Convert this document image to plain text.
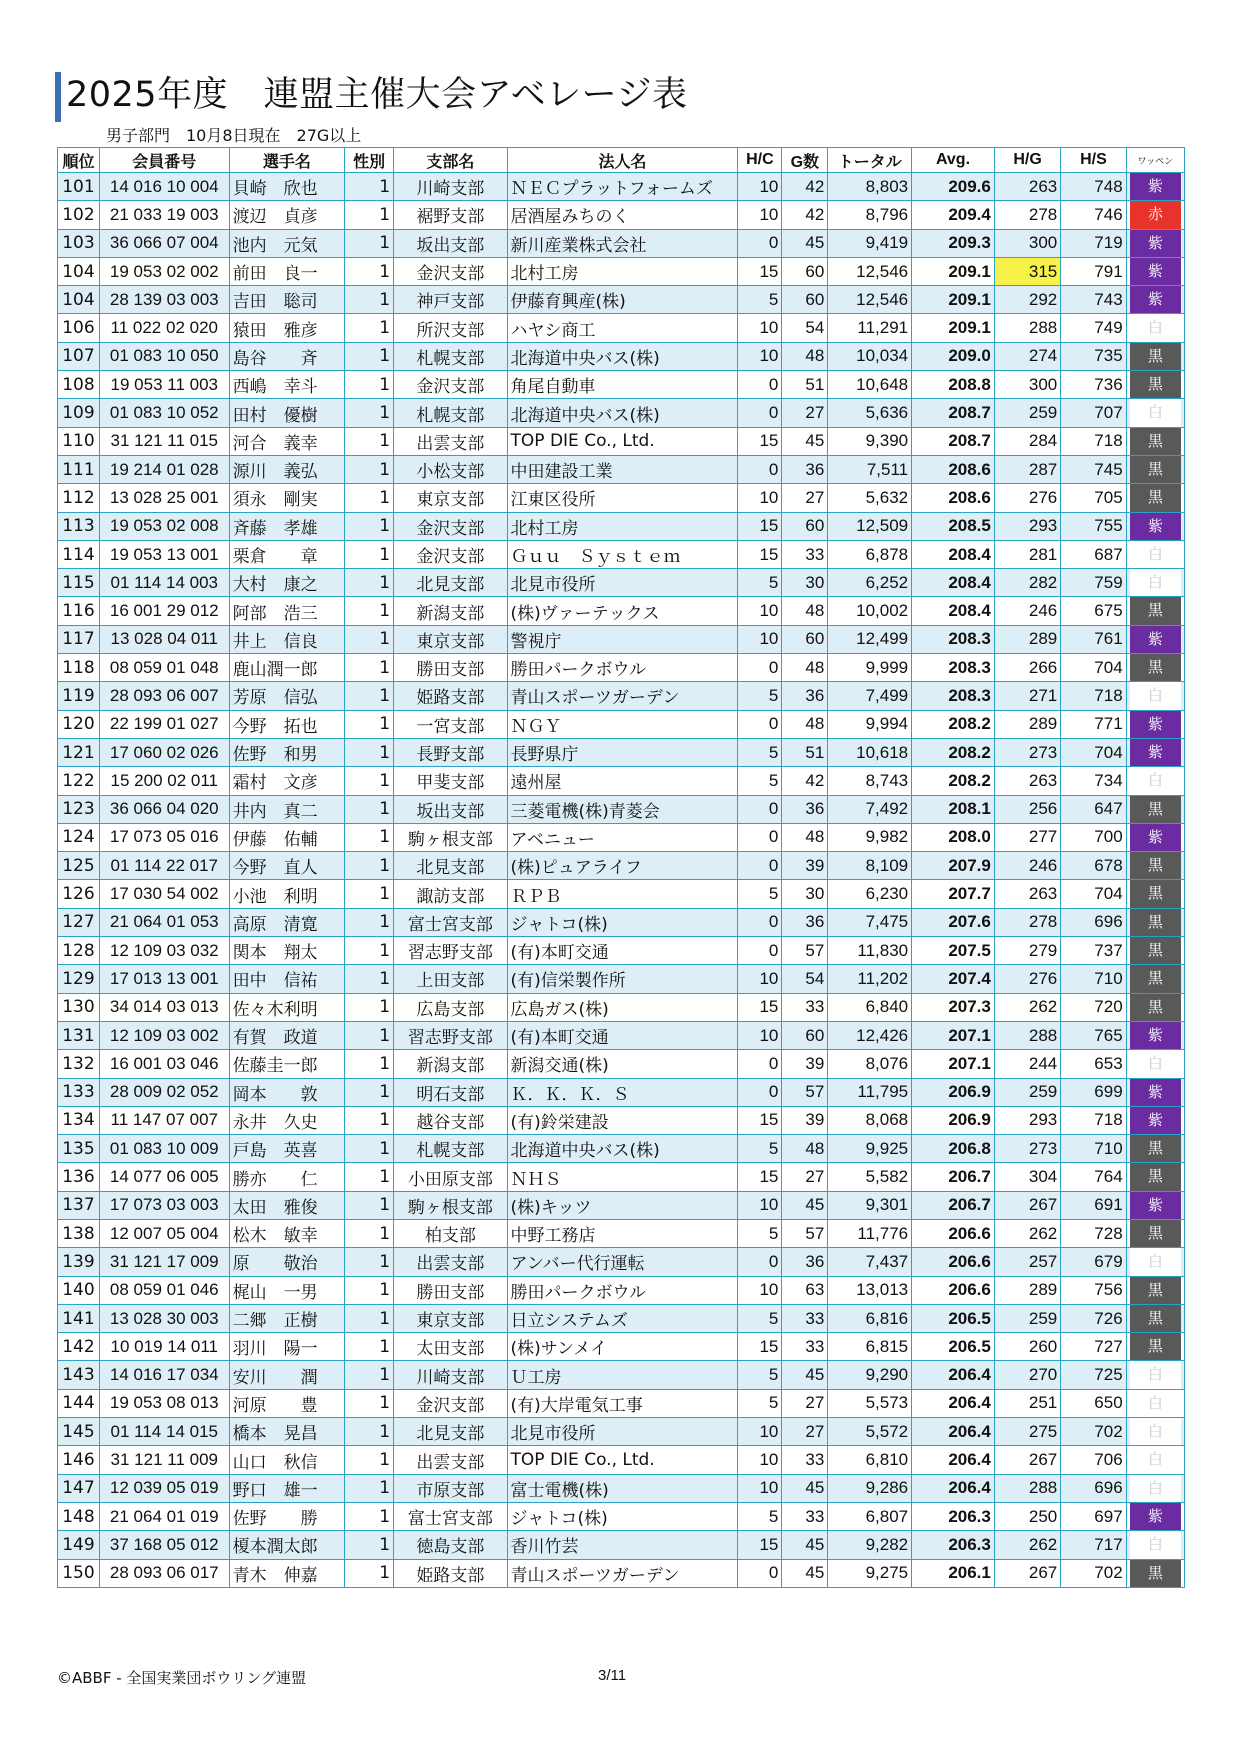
2025年度　連盟主催大会アベレージ表
男子部門　10月8日現在　27G以上
順位	会員番号	選手名	性別	支部名	法人名	H/C	G数	トータル	Avg.	H/G	H/S	ワッペン
101	14 016 10 004	貝崎　欣也	1	川崎支部	ＮＥＣプラットフォームズ	10	42	8,803	209.6	263	748	紫

102	21 033 19 003	渡辺　貞彦	1	裾野支部	居酒屋みちのく	10	42	8,796	209.4	278	746	赤

103	36 066 07 004	池内　元気	1	坂出支部	新川産業株式会社	0	45	9,419	209.3	300	719	紫

104	19 053 02 002	前田　良一	1	金沢支部	北村工房	15	60	12,546	209.1	315	791	紫

104	28 139 03 003	吉田　聡司	1	神戸支部	伊藤育興産(株)	5	60	12,546	209.1	292	743	紫

106	11 022 02 020	猿田　雅彦	1	所沢支部	ハヤシ商工	10	54	11,291	209.1	288	749	白

107	01 083 10 050	島谷　　斉	1	札幌支部	北海道中央バス(株)	10	48	10,034	209.0	274	735	黒

108	19 053 11 003	西嶋　幸斗	1	金沢支部	角尾自動車	0	51	10,648	208.8	300	736	黒

109	01 083 10 052	田村　優樹	1	札幌支部	北海道中央バス(株)	0	27	5,636	208.7	259	707	白

110	31 121 11 015	河合　義幸	1	出雲支部	TOP DIE Co., Ltd.	15	45	9,390	208.7	284	718	黒

111	19 214 01 028	源川　義弘	1	小松支部	中田建設工業	0	36	7,511	208.6	287	745	黒

112	13 028 25 001	須永　剛実	1	東京支部	江東区役所	10	27	5,632	208.6	276	705	黒

113	19 053 02 008	斉藤　孝雄	1	金沢支部	北村工房	15	60	12,509	208.5	293	755	紫

114	19 053 13 001	栗倉　　章	1	金沢支部	Ｇｕｕ　Ｓｙｓｔｅｍ	15	33	6,878	208.4	281	687	白

115	01 114 14 003	大村　康之	1	北見支部	北見市役所	5	30	6,252	208.4	282	759	白

116	16 001 29 012	阿部　浩三	1	新潟支部	(株)ヴァーテックス	10	48	10,002	208.4	246	675	黒

117	13 028 04 011	井上　信良	1	東京支部	警視庁	10	60	12,499	208.3	289	761	紫

118	08 059 01 048	鹿山潤一郎	1	勝田支部	勝田パークボウル	0	48	9,999	208.3	266	704	黒

119	28 093 06 007	芳原　信弘	1	姫路支部	青山スポーツガーデン	5	36	7,499	208.3	271	718	白

120	22 199 01 027	今野　拓也	1	一宮支部	ＮＧＹ	0	48	9,994	208.2	289	771	紫

121	17 060 02 026	佐野　和男	1	長野支部	長野県庁	5	51	10,618	208.2	273	704	紫

122	15 200 02 011	霜村　文彦	1	甲斐支部	遠州屋	5	42	8,743	208.2	263	734	白

123	36 066 04 020	井内　真二	1	坂出支部	三菱電機(株)青菱会	0	36	7,492	208.1	256	647	黒

124	17 073 05 016	伊藤　佑輔	1	駒ヶ根支部	アベニュー	0	48	9,982	208.0	277	700	紫

125	01 114 22 017	今野　直人	1	北見支部	(株)ピュアライフ	0	39	8,109	207.9	246	678	黒

126	17 030 54 002	小池　利明	1	諏訪支部	ＲＰＢ	5	30	6,230	207.7	263	704	黒

127	21 064 01 053	高原　清寛	1	富士宮支部	ジャトコ(株)	0	36	7,475	207.6	278	696	黒

128	12 109 03 032	関本　翔太	1	習志野支部	(有)本町交通	0	57	11,830	207.5	279	737	黒

129	17 013 13 001	田中　信祐	1	上田支部	(有)信栄製作所	10	54	11,202	207.4	276	710	黒

130	34 014 03 013	佐々木利明	1	広島支部	広島ガス(株)	15	33	6,840	207.3	262	720	黒

131	12 109 03 002	有賀　政道	1	習志野支部	(有)本町交通	10	60	12,426	207.1	288	765	紫

132	16 001 03 046	佐藤圭一郎	1	新潟支部	新潟交通(株)	0	39	8,076	207.1	244	653	白

133	28 009 02 052	岡本　　敦	1	明石支部	Ｋ．Ｋ．Ｋ．Ｓ	0	57	11,795	206.9	259	699	紫

134	11 147 07 007	永井　久史	1	越谷支部	(有)鈴栄建設	15	39	8,068	206.9	293	718	紫

135	01 083 10 009	戸島　英喜	1	札幌支部	北海道中央バス(株)	5	48	9,925	206.8	273	710	黒

136	14 077 06 005	勝亦　　仁	1	小田原支部	ＮＨＳ	15	27	5,582	206.7	304	764	黒

137	17 073 03 003	太田　雅俊	1	駒ヶ根支部	(株)キッツ	10	45	9,301	206.7	267	691	紫

138	12 007 05 004	松木　敏幸	1	柏支部	中野工務店	5	57	11,776	206.6	262	728	黒

139	31 121 17 009	原　　敬治	1	出雲支部	アンバー代行運転	0	36	7,437	206.6	257	679	白

140	08 059 01 046	梶山　一男	1	勝田支部	勝田パークボウル	10	63	13,013	206.6	289	756	黒

141	13 028 30 003	二郷　正樹	1	東京支部	日立システムズ	5	33	6,816	206.5	259	726	黒

142	10 019 14 011	羽川　陽一	1	太田支部	(株)サンメイ	15	33	6,815	206.5	260	727	黒

143	14 016 17 034	安川　　潤	1	川崎支部	Ｕ工房	5	45	9,290	206.4	270	725	白

144	19 053 08 013	河原　　豊	1	金沢支部	(有)大岸電気工事	5	27	5,573	206.4	251	650	白

145	01 114 14 015	橋本　晃昌	1	北見支部	北見市役所	10	27	5,572	206.4	275	702	白

146	31 121 11 009	山口　秋信	1	出雲支部	TOP DIE Co., Ltd.	10	33	6,810	206.4	267	706	白

147	12 039 05 019	野口　雄一	1	市原支部	富士電機(株)	10	45	9,286	206.4	288	696	白

148	21 064 01 019	佐野　　勝	1	富士宮支部	ジャトコ(株)	5	33	6,807	206.3	250	697	紫

149	37 168 05 012	榎本潤太郎	1	徳島支部	香川竹芸	15	45	9,282	206.3	262	717	白

150	28 093 06 017	青木　伸嘉	1	姫路支部	青山スポーツガーデン	0	45	9,275	206.1	267	702	黒
©ABBF - 全国実業団ボウリング連盟	3/11
